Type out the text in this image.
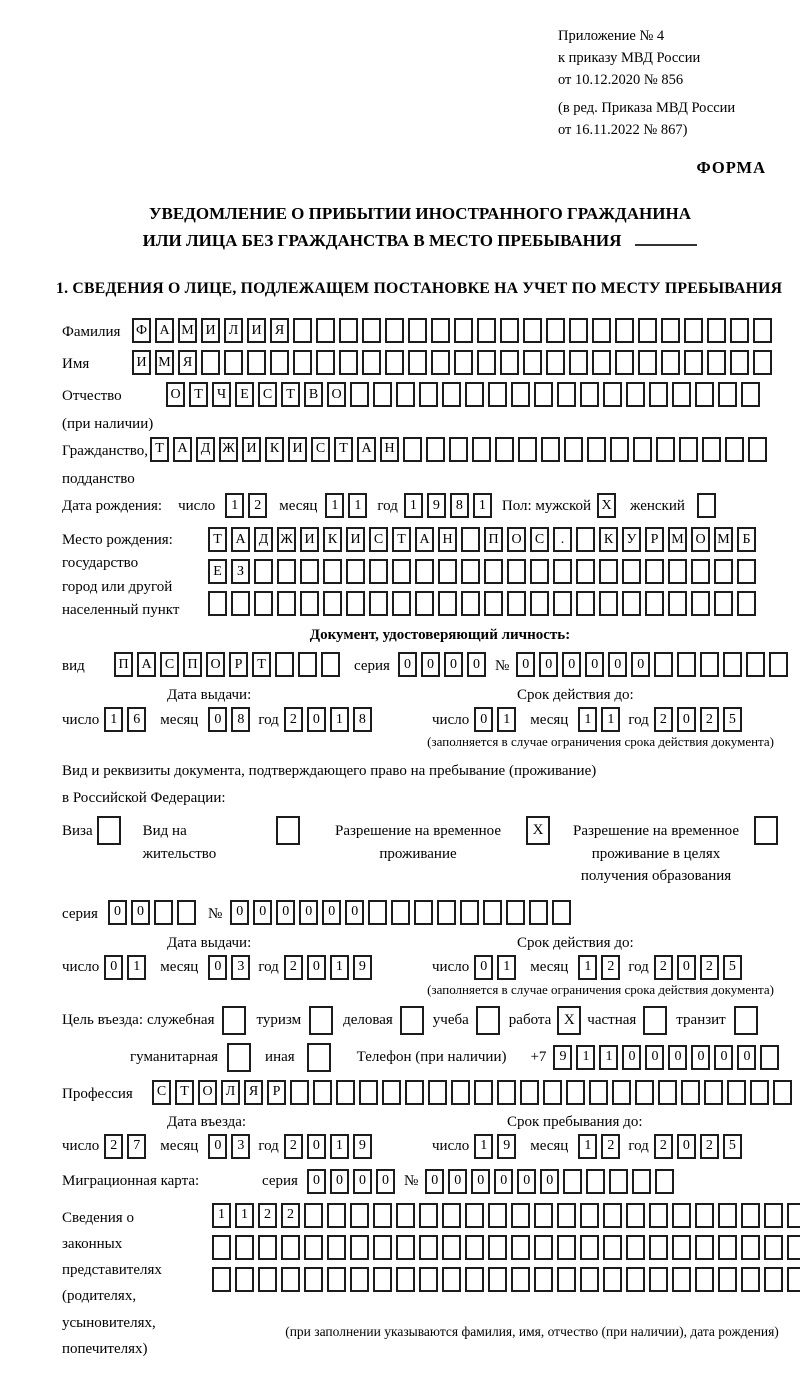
Приложение № 4
к приказу МВД России
от 10.12.2020 № 856
(в ред. Приказа МВД России
от 16.11.2022 № 867)
ФОРМА
УВЕДОМЛЕНИЕ О ПРИБЫТИИ ИНОСТРАННОГО ГРАЖДАНИНА
ИЛИ ЛИЦА БЕЗ ГРАЖДАНСТВА В МЕСТО ПРЕБЫВАНИЯ
1. СВЕДЕНИЯ О ЛИЦЕ, ПОДЛЕЖАЩЕМ ПОСТАНОВКЕ НА УЧЕТ ПО МЕСТУ ПРЕБЫВАНИЯ
Фамилия	Ф А М И Л И Я
Имя	И М Я
Отчество
(при наличии)
О Т	Ч	Е	С	Т	В О
Гражданство,
подданство
Т А Д Ж И К И С	Т А Н
Дата рождения: число	1	2	месяц	1	1	год 1	9	8	1	Пол: мужской X женский
Место рождения:
государство
город или другой
населенный пункт
Т А Д Ж И К И С	Т А Н	П О С	.	К У	Р М О М Б
Е	З
Документ, удостоверяющий личность:
вид	П А С П О	Р	Т	серия	0	0	0	0	№ 0	0	0	0	0	0
Дата выдачи:
число 1	6	месяц	0	8 год 2	0	1	8
Срок действия до:
число 0	1	месяц	1	1 год 2	0	2	5
(заполняется в случае ограничения срока действия документа)
Вид и реквизиты документа, подтверждающего право на пребывание (проживание)
в Российской Федерации:
Виза	Вид на жительство
Разрешение на временное проживание
X	Разрешение на временное проживание в целях получения образования
серия	0	0	№	0	0	0	0	0	0
Дата выдачи:
число 0	1	месяц	0	3 год 2	0	1	9
Срок действия до:
число 0	1	месяц	1	2 год 2	0	2	5
(заполняется в случае ограничения срока действия документа)
Цель въезда: служебная	туризм	деловая	учеба	работа X частная	транзит
гуманитарная	иная	Телефон (при наличии) +7 9	1	1	0	0	0	0	0	0
Профессия	С	Т О Л Я	Р
Дата въезда:
число 2	7	месяц	0	3 год 2	0	1	9
Срок пребывания до:
число 1	9	месяц	1	2 год 2	0	2	5
Миграционная карта:	серия	0	0	0	0	№ 0	0	0	0	0	0
Сведения о
законных
представителях
(родителях,
усыновителях,
попечителях)
1	1	2	2
(при заполнении указываются фамилия, имя, отчество (при наличии), дата рождения)
